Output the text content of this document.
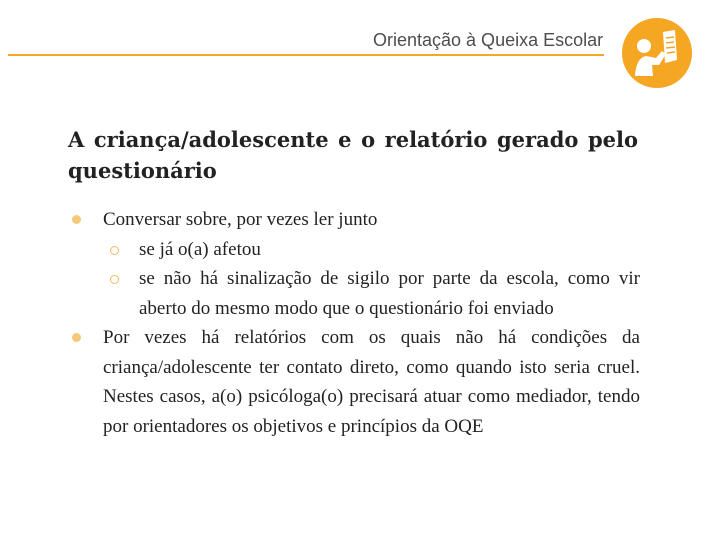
Orientação à Queixa Escolar
A criança/adolescente e o relatório gerado pelo questionário
Conversar sobre, por vezes ler junto
se já o(a) afetou
se não há sinalização de sigilo por parte da escola, como vir aberto do mesmo modo que o questionário foi enviado
Por vezes há relatórios com os quais não há condições da criança/adolescente ter contato direto, como quando isto seria cruel. Nestes casos, a(o) psicóloga(o) precisará atuar como mediador, tendo por orientadores os objetivos e princípios da OQE
